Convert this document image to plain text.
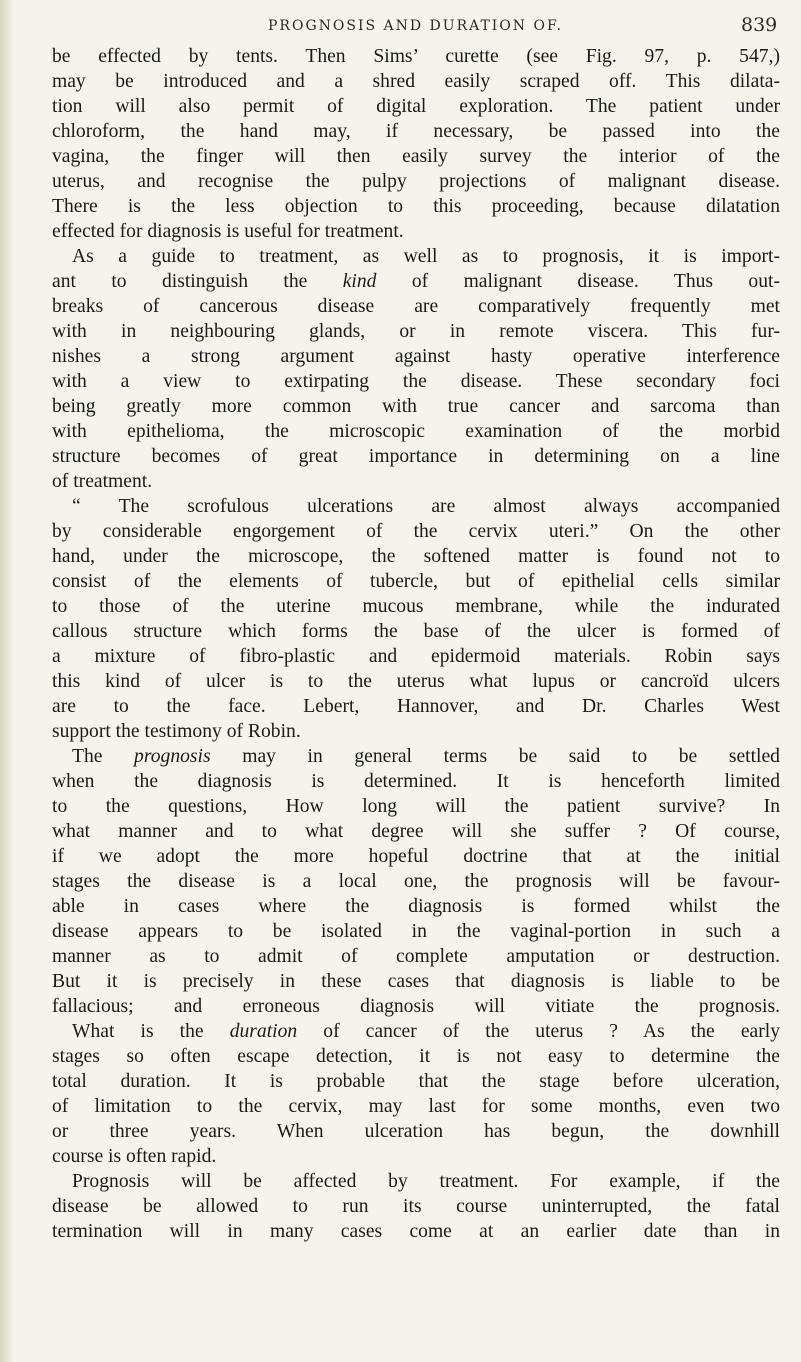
PROGNOSIS AND DURATION OF.	839
be effected by tents. Then Sims’ curette (see Fig. 97, p. 547,)
may be introduced and a shred easily scraped off. This dilata-
tion will also permit of digital exploration. The patient under
chloroform, the hand may, if necessary, be passed into the
vagina, the finger will then easily survey the interior of the
uterus, and recognise the pulpy projections of malignant disease.
There is the less objection to this proceeding, because dilatation
effected for diagnosis is useful for treatment.
As a guide to treatment, as well as to prognosis, it is import-
ant to distinguish the kind of malignant disease. Thus out-
breaks of cancerous disease are comparatively frequently met
with in neighbouring glands, or in remote viscera. This fur-
nishes a strong argument against hasty operative interference
with a view to extirpating the disease. These secondary foci
being greatly more common with true cancer and sarcoma than
with epithelioma, the microscopic examination of the morbid
structure becomes of great importance in determining on a line
of treatment.
“ The scrofulous ulcerations are almost always accompanied
by considerable engorgement of the cervix uteri.” On the other
hand, under the microscope, the softened matter is found not to
consist of the elements of tubercle, but of epithelial cells similar
to those of the uterine mucous membrane, while the indurated
callous structure which forms the base of the ulcer is formed of
a mixture of fibro-plastic and epidermoid materials. Robin says
this kind of ulcer is to the uterus what lupus or cancroïd ulcers
are to the face. Lebert, Hannover, and Dr. Charles West
support the testimony of Robin.
The prognosis may in general terms be said to be settled
when the diagnosis is determined. It is henceforth limited
to the questions, How long will the patient survive? In
what manner and to what degree will she suffer ? Of course,
if we adopt the more hopeful doctrine that at the initial
stages the disease is a local one, the prognosis will be favour-
able in cases where the diagnosis is formed whilst the
disease appears to be isolated in the vaginal-portion in such a
manner as to admit of complete amputation or destruction.
But it is precisely in these cases that diagnosis is liable to be
fallacious; and erroneous diagnosis will vitiate the prognosis.
What is the duration of cancer of the uterus ? As the early
stages so often escape detection, it is not easy to determine the
total duration. It is probable that the stage before ulceration,
of limitation to the cervix, may last for some months, even two
or three years. When ulceration has begun, the downhill
course is often rapid.
Prognosis will be affected by treatment. For example, if the
disease be allowed to run its course uninterrupted, the fatal
termination will in many cases come at an earlier date than in
